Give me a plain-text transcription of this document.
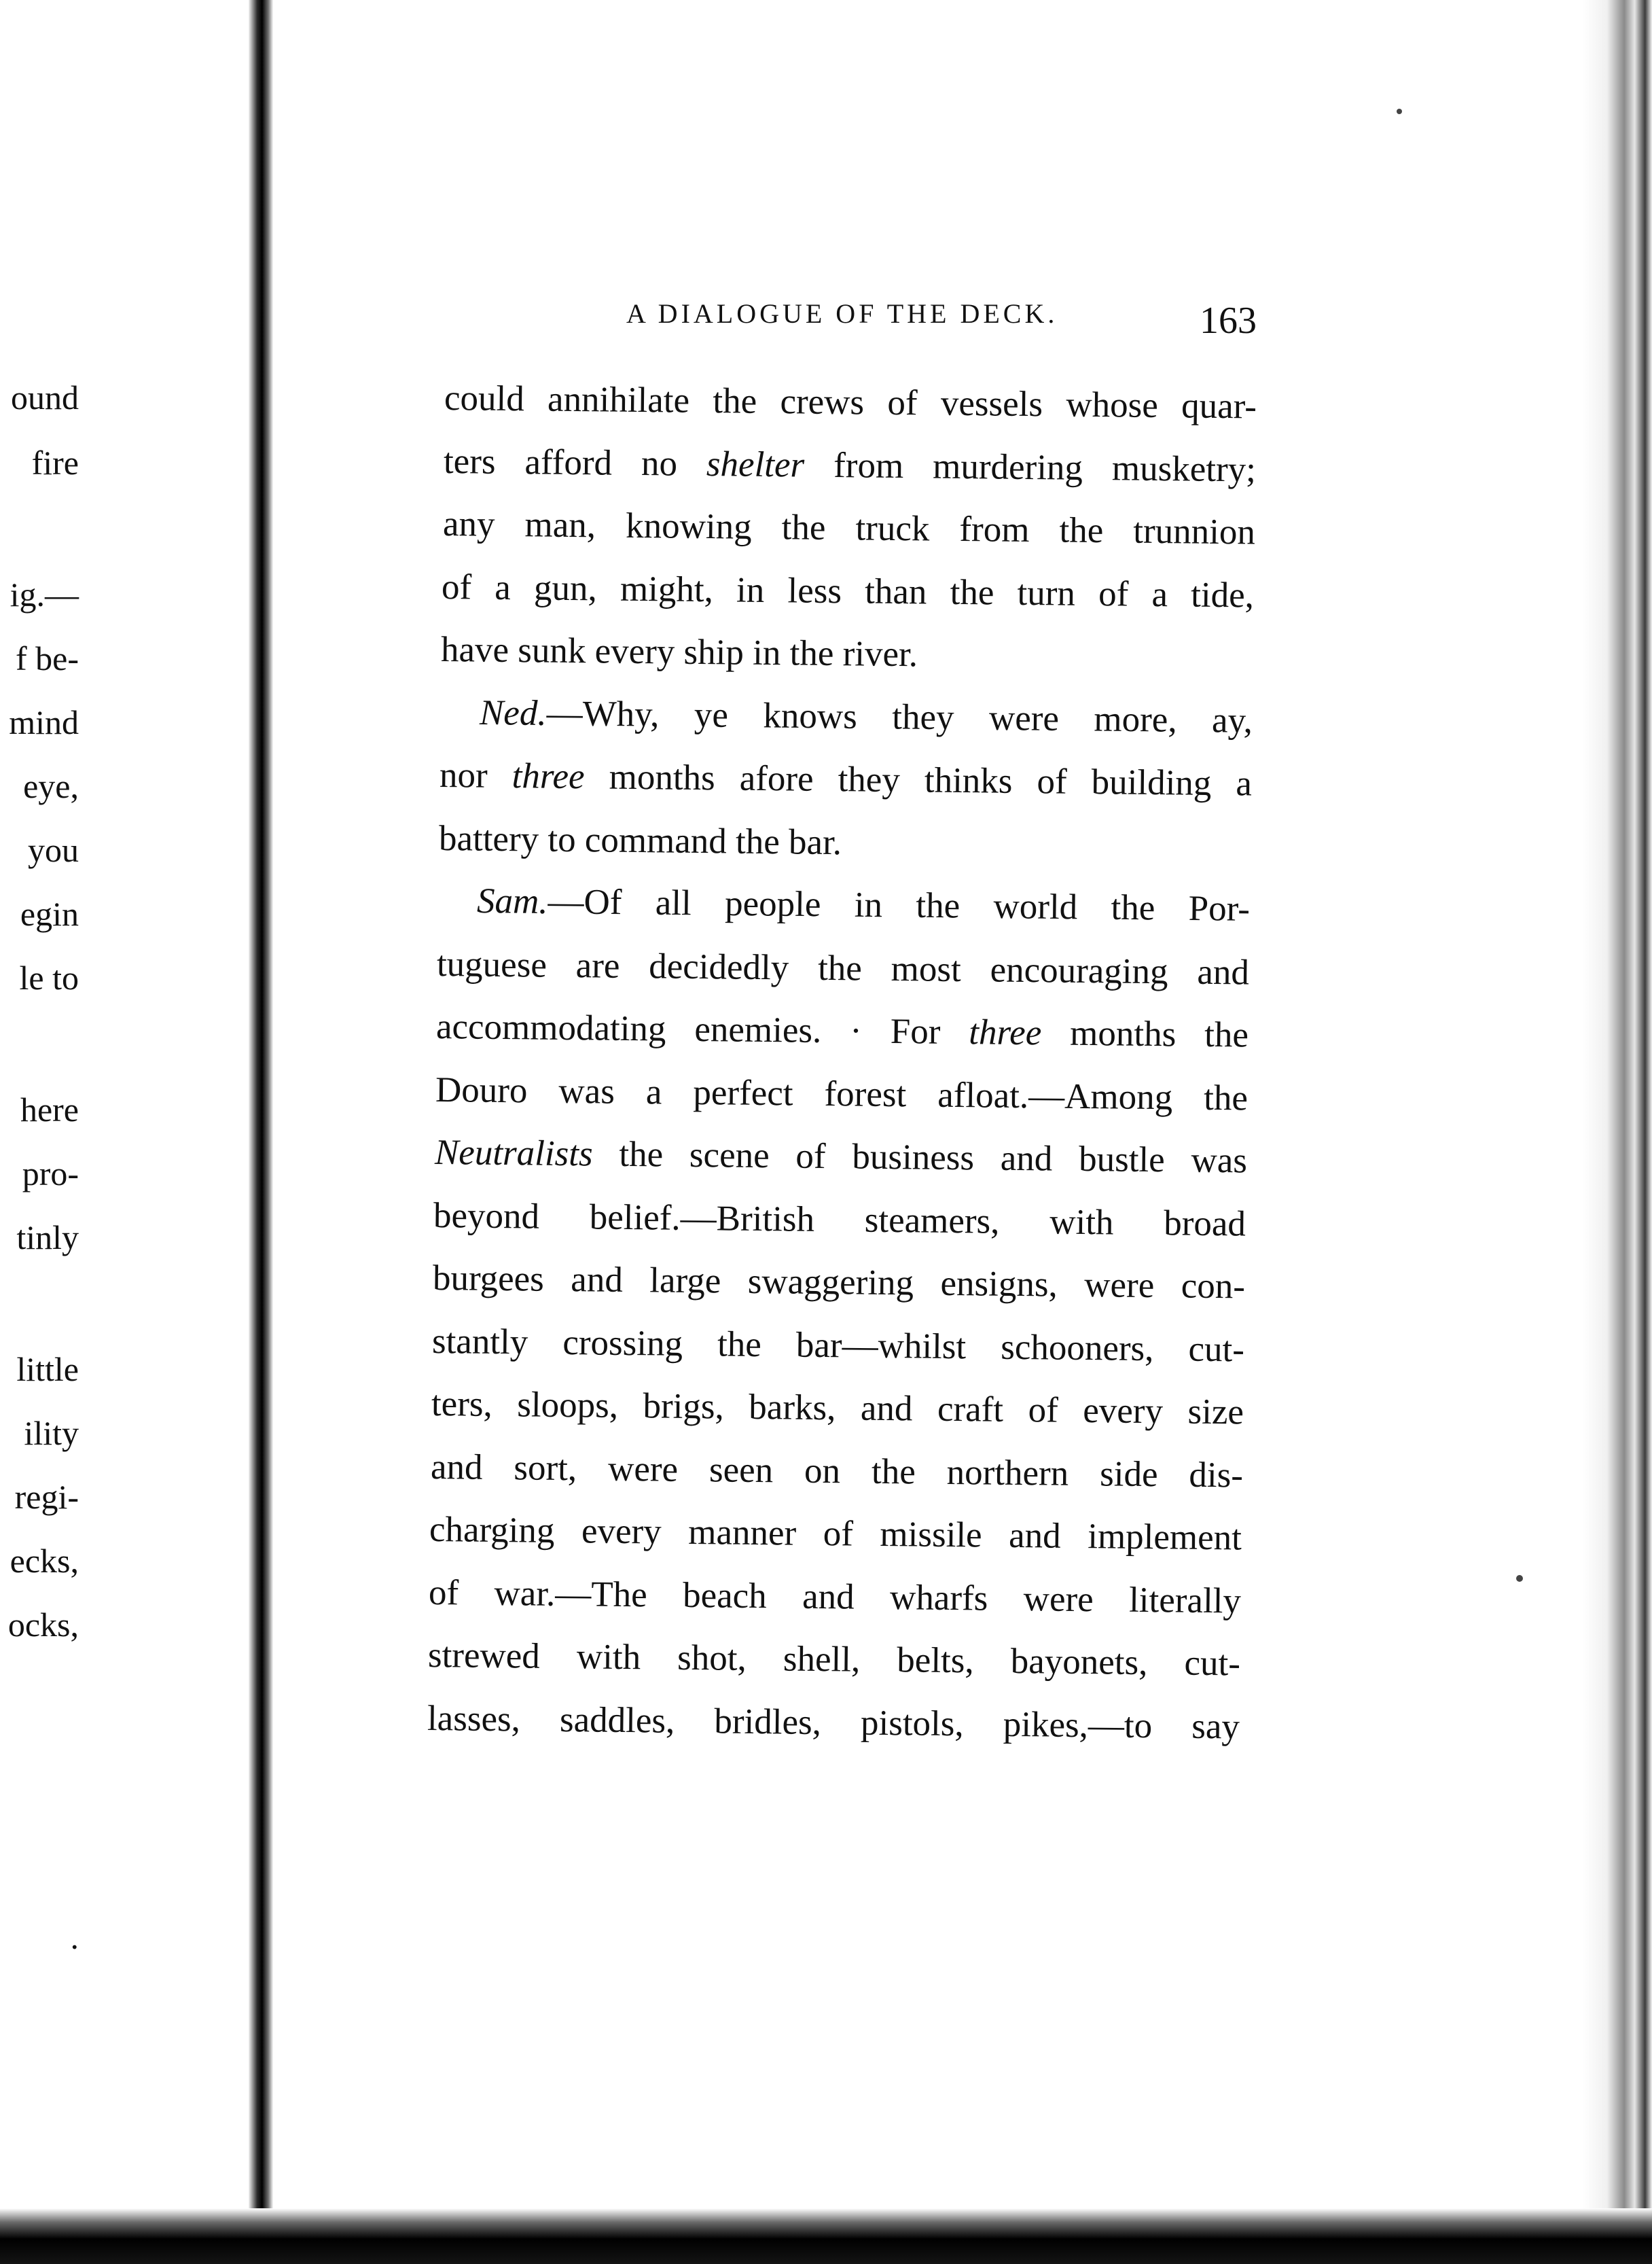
ound
fire
ig.—
f be-
mind
eye,
you
egin
le to
here
pro-
tinly
little
ility
regi-
ecks,
ocks,
.
A DIALOGUE OF THE DECK.	163
could annihilate the crews of vessels whose quar-
ters afford no shelter from murdering musketry;
any man, knowing the truck from the trunnion
of a gun, might, in less than the turn of a tide,
have sunk every ship in the river.
Ned.—Why, ye knows they were more, ay,
nor three months afore they thinks of building a
battery to command the bar.
Sam.—Of all people in the world the Por-
tuguese are decidedly the most encouraging and
accommodating enemies. · For three months the
Douro was a perfect forest afloat.—Among the
Neutralists the scene of business and bustle was
beyond belief.—British steamers, with broad
burgees and large swaggering ensigns, were con-
stantly crossing the bar—whilst schooners, cut-
ters, sloops, brigs, barks, and craft of every size
and sort, were seen on the northern side dis-
charging every manner of missile and implement
of war.—The beach and wharfs were literally
strewed with shot, shell, belts, bayonets, cut-
lasses, saddles, bridles, pistols, pikes,—to say
